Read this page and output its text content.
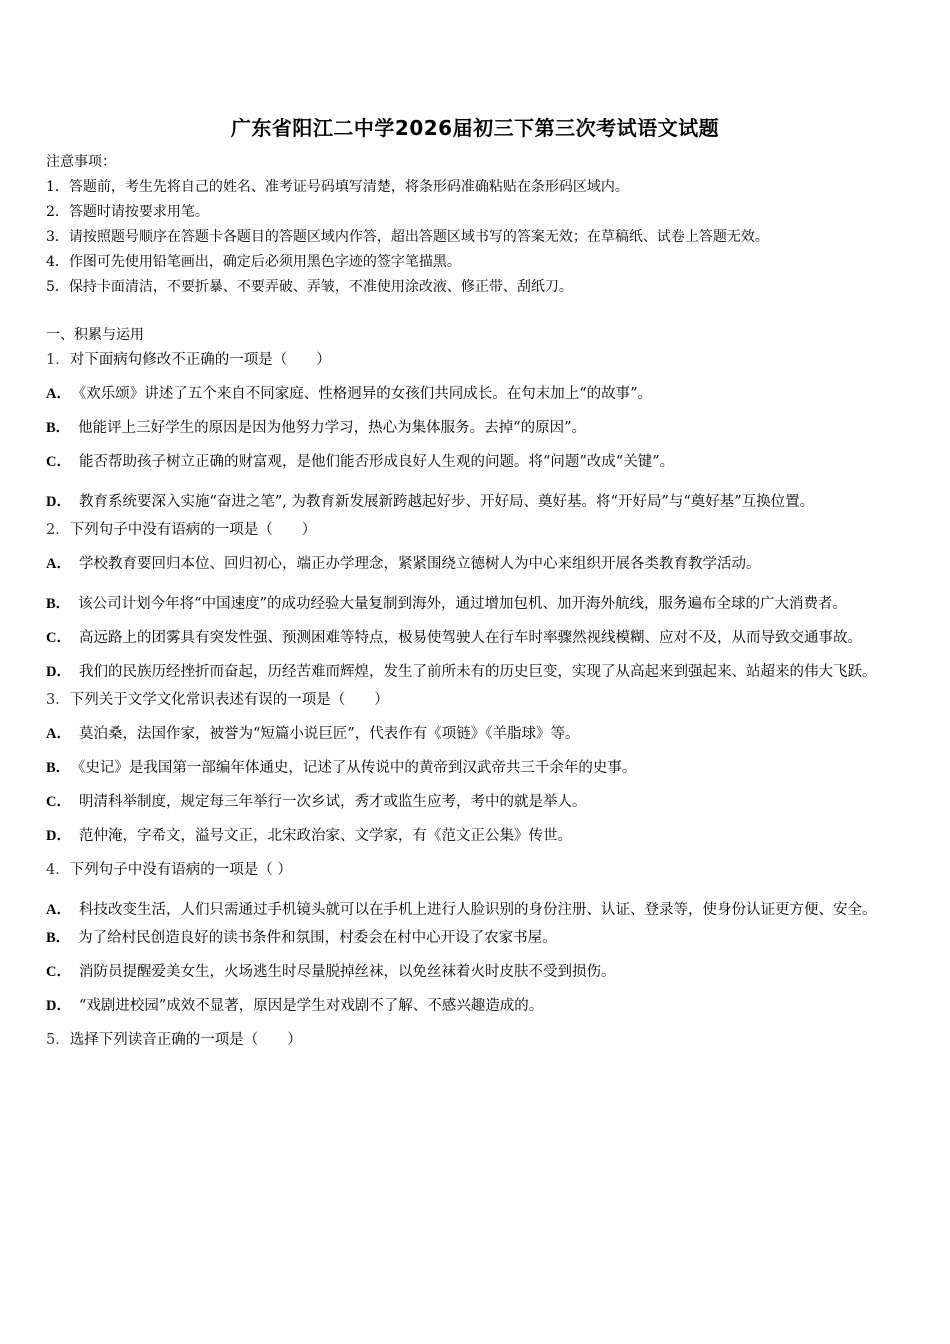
广东省阳江二中学2026届初三下第三次考试语文试题
注意事项：
1．答题前，考生先将自己的姓名、准考证号码填写清楚，将条形码准确粘贴在条形码区域内。
2．答题时请按要求用笔。
3．请按照题号顺序在答题卡各题目的答题区域内作答，超出答题区域书写的答案无效；在草稿纸、试卷上答题无效。
4．作图可先使用铅笔画出，确定后必须用黑色字迹的签字笔描黑。
5．保持卡面清洁，不要折暴、不要弄破、弄皱，不准使用涂改液、修正带、刮纸刀。
一、积累与运用
1．对下面病句修改不正确的一项是（　　）
A． 《欢乐颂》讲述了五个来自不同家庭、性格迥异的女孩们共同成长。在句末加上“的故事”。
B． 他能评上三好学生的原因是因为他努力学习，热心为集体服务。去掉“的原因”。
C． 能否帮助孩子树立正确的财富观，是他们能否形成良好人生观的问题。将“问题”改成“关键”。
D． 教育系统要深入实施“奋进之笔”, 为教育新发展新跨越起好步、开好局、奠好基。将“开好局”与“奠好基”互换位置。
2．下列句子中没有语病的一项是（　　）
A． 学校教育要回归本位、回归初心，端正办学理念，紧紧围绕立德树人为中心来组织开展各类教育教学活动。
B． 该公司计划今年将“中国速度”的成功经验大量复制到海外，通过增加包机、加开海外航线，服务遍布全球的广大消费者。
C． 高远路上的团雾具有突发性强、预测困难等特点，极易使驾驶人在行车时率骤然视线模糊、应对不及，从而导致交通事故。
D． 我们的民族历经挫折而奋起，历经苦难而辉煌，发生了前所未有的历史巨变，实现了从高起来到强起来、站超来的伟大飞跃。
3．下列关于文学文化常识表述有误的一项是（　　）
A． 莫泊桑，法国作家，被誉为“短篇小说巨匠”，代表作有《项链》《羊脂球》等。
B． 《史记》是我国第一部编年体通史，记述了从传说中的黄帝到汉武帝共三千余年的史事。
C． 明清科举制度，规定每三年举行一次乡试，秀才或监生应考，考中的就是举人。
D． 范仲淹，字希文，溢号文正，北宋政治家、文学家，有《范文正公集》传世。
4．下列句子中没有语病的一项是（ ）
A． 科技改变生活，人们只需通过手机镜头就可以在手机上进行人脸识别的身份注册、认证、登录等，使身份认证更方便、安全。
B． 为了给村民创造良好的读书条件和氛围，村委会在村中心开设了农家书屋。
C． 消防员提醒爱美女生，火场逃生时尽量脱掉丝袜，以免丝袜着火时皮肤不受到损伤。
D． “戏剧进校园”成效不显著，原因是学生对戏剧不了解、不感兴趣造成的。
5．选择下列读音正确的一项是（　　）
